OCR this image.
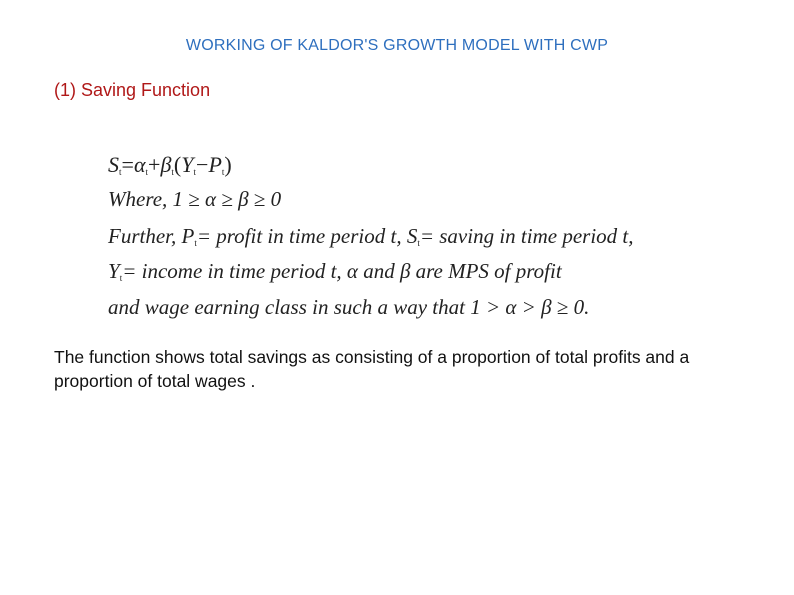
WORKING OF KALDOR'S GROWTH MODEL WITH CWP
(1) Saving Function
$S_t=\alpha_t+\beta_t(Y_t-P_t)$
Where, 1 ≥ α ≥ β ≥ 0
Further, $P_t=$ profit in time period t, $S_t=$ saving in time period t,
$Y_t=$ income in time period t, α and β are MPS of profit
and wage earning class in such a way that 1 > α > β ≥ 0.
The function shows total savings as consisting of a proportion of total profits and a proportion of total wages .
